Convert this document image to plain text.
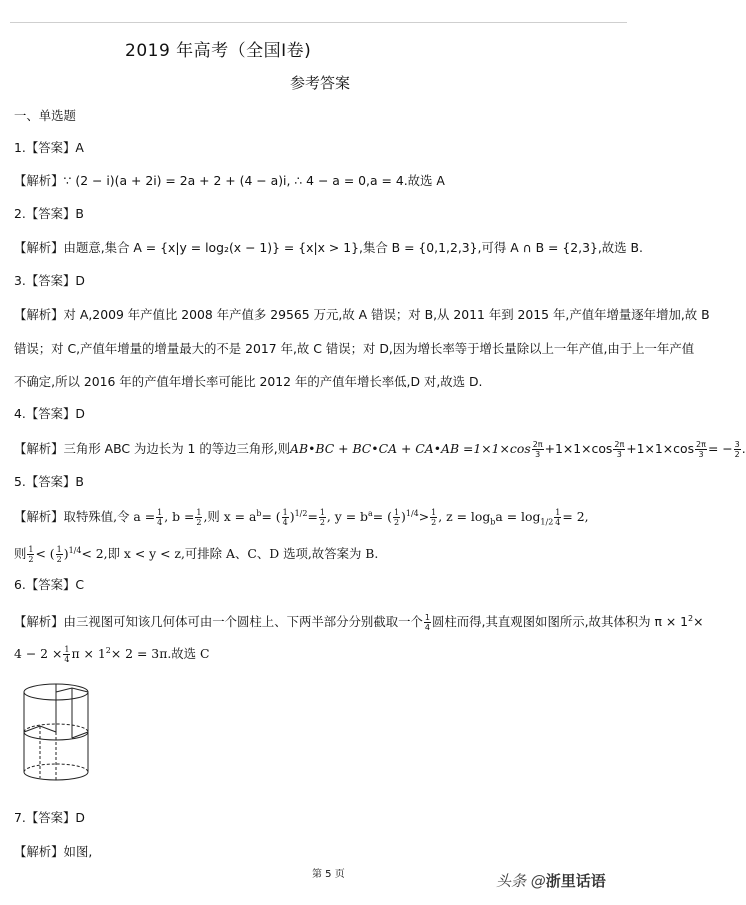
2019 年高考（全国Ⅰ卷)
参考答案
一、单选题
1.【答案】A
【解析】∵ (2 − i)(a + 2i) = 2a + 2 + (4 − a)i, ∴ 4 − a = 0,a = 4.故选 A
2.【答案】B
【解析】由题意,集合 A = {x|y = log₂(x − 1)} = {x|x > 1},集合 B = {0,1,2,3},可得 A ∩ B = {2,3},故选 B.
3.【答案】D
【解析】对 A,2009 年产值比 2008 年产值多 29565 万元,故 A 错误；对 B,从 2011 年到 2015 年,产值年增量逐年增加,故 B
错误；对 C,产值年增量的增量最大的不是 2017 年,故 C 错误；对 D,因为增长率等于增长量除以上一年产值,由于上一年产值
不确定,所以 2016 年的产值年增长率可能比 2012 年的产值年增长率低,D 对,故选 D.
4.【答案】D
【解析】三角形 ABC 为边长为 1 的等边三角形,则AB•BC + BC•CA + CA•AB $=1\times 1\times\cos \frac{2\pi}{3} +1\times 1\times\cos \frac{2\pi}{3} +1\times 1\times\cos \frac{2\pi}{3}$ = − $\frac{3}{2}$ .
5.【答案】B
【解析】取特殊值,令 $a = \frac{1}{4}$ , $b = \frac{1}{2}$ ,则 $x = a^b=$ ( $\frac{1}{4} )^{1/2}= \frac{1}{2}$ , $y = b^a=$ ( $\frac{1}{2} )^{1/4}> \frac{1}{2}$ , $z = \log_ba = \log_{1/2} \frac{1}{4} = 2$,
则 $\frac{1}{2}$ < ( $\frac{1}{2} )^{1/4}< 2$,即 x < y < z,可排除 A、C、D 选项,故答案为 B.
6.【答案】C
【解析】由三视图可知该几何体可由一个圆柱上、下两半部分分别截取一个 $\frac{1}{4}$ 圆柱而得,其直观图如图所示,故其体积为 $\pi \times 1^2\times$
$4 - 2 \times \frac{1}{4}$ $\pi \times 1^2\times 2 = 3\pi$.故选 C
7.【答案】D
【解析】如图,
第 5 页	头条 @浙里话语
